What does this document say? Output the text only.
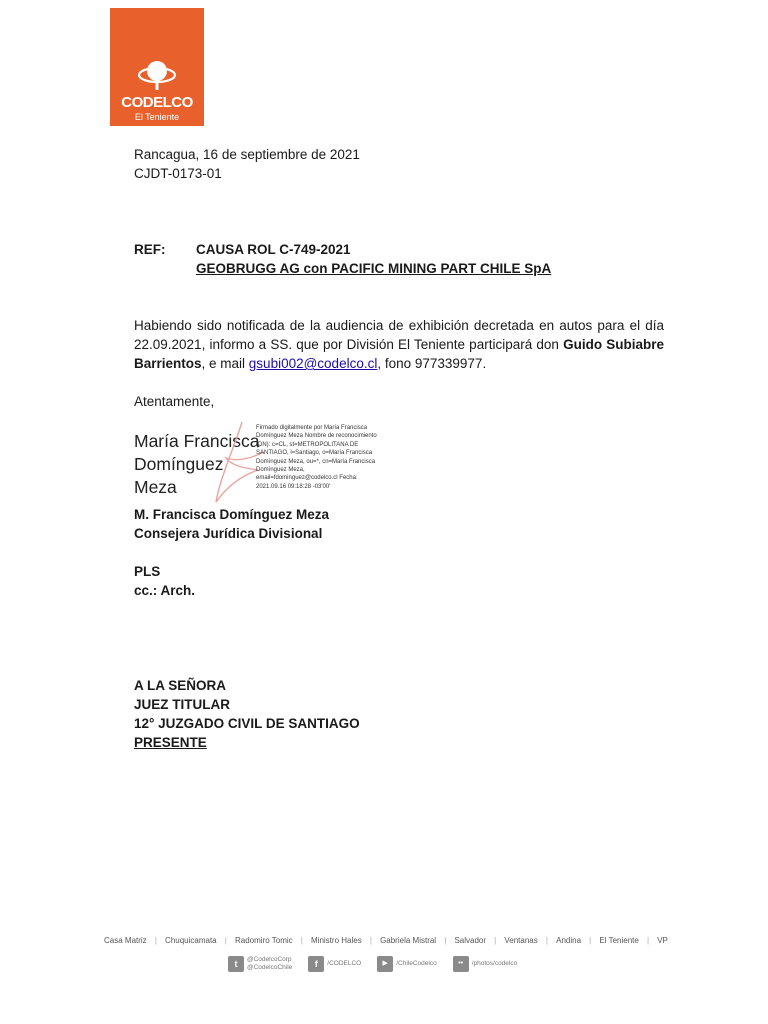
CODELCO
El Teniente
Rancagua, 16 de septiembre de 2021
CJDT-0173-01
REF: CAUSA ROL C-749-2021
GEOBRUGG AG con PACIFIC MINING PART CHILE SpA
Habiendo sido notificada de la audiencia de exhibición decretada en autos para el día 22.09.2021, informo a SS. que por División El Teniente participará don Guido Subiabre Barrientos, e mail gsubi002@codelco.cl, fono 977339977.
Atentamente,
María Francisca
Domínguez
Meza
Firmado digitalmente por María Francisca Domínguez Meza Nombre de reconocimiento (DN): c=CL, st=METROPOLITANA DE SANTIAGO, l=Santiago, o=María Francisca Domínguez Meza, ou=*, cn=María Francisca Domínguez Meza, email=fdominguez@codelco.cl Fecha: 2021.09.16 09:18:28 -03'00'
M. Francisca Domínguez Meza
Consejera Jurídica Divisional
PLS
cc.: Arch.
A LA SEÑORA
JUEZ TITULAR
12° JUZGADO CIVIL DE SANTIAGO
PRESENTE
Casa Matriz | Chuquicamata | Radomiro Tomic | Ministro Hales | Gabriela Mistral | Salvador | Ventanas | Andina | El Teniente | VP
t	@CodelcoCorp
@CodelcoChile	f	/CODELCO	▶	/ChileCodelco	••	/photos/codelco
